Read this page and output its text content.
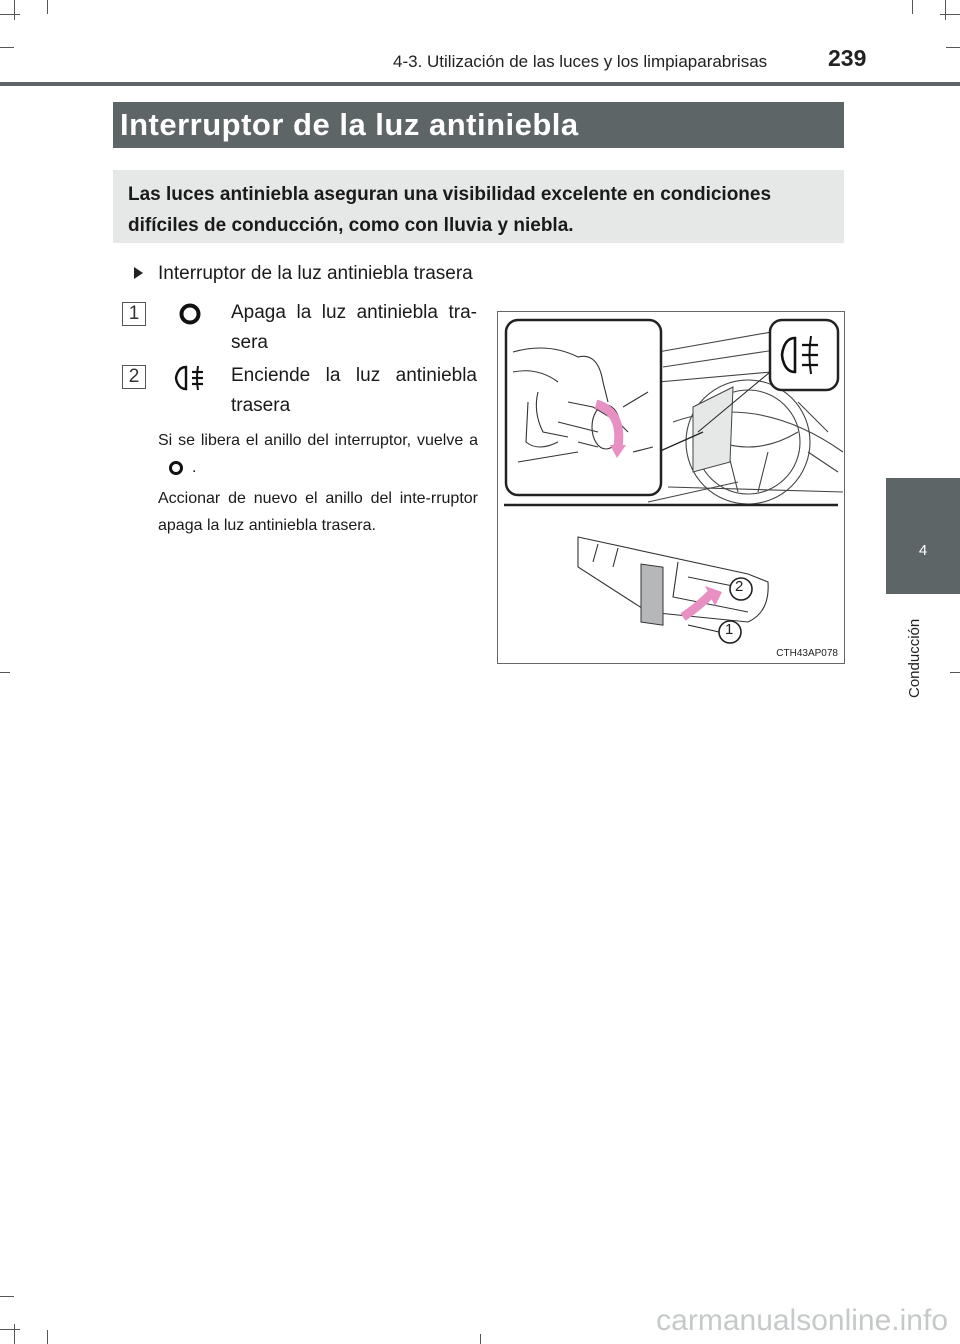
4-3. Utilización de las luces y los limpiaparabrisas	239
Interruptor de la luz antiniebla
Las luces antiniebla aseguran una visibilidad excelente en condiciones difíciles de conducción, como con lluvia y niebla.
Interruptor de la luz antiniebla trasera
1	Apaga la luz antiniebla tra-sera
2	Enciende la luz antiniebla trasera
Si se libera el anillo del interruptor, vuelve a .
Accionar de nuevo el anillo del inte-rruptor apaga la luz antiniebla trasera.
2
1
CTH43AP078
4
Conducción
carmanualsonline.info
